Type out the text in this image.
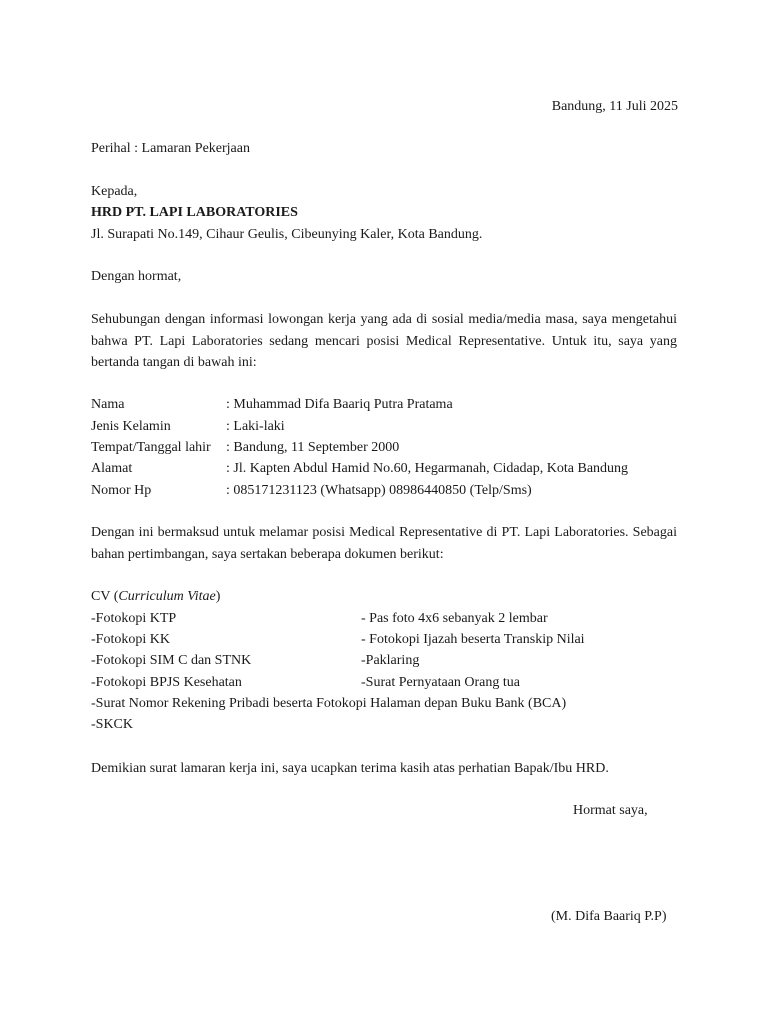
Bandung, 11 Juli 2025
Perihal : Lamaran Pekerjaan
Kepada,
HRD PT. LAPI LABORATORIES
Jl. Surapati No.149, Cihaur Geulis, Cibeunying Kaler, Kota Bandung.
Dengan hormat,
Sehubungan dengan informasi lowongan kerja yang ada di sosial media/media masa, saya mengetahui bahwa PT. Lapi Laboratories sedang mencari posisi Medical Representative. Untuk itu, saya yang bertanda tangan di bawah ini:
Nama	: Muhammad Difa Baariq Putra Pratama
Jenis Kelamin	: Laki-laki
Tempat/Tanggal lahir : Bandung, 11 September 2000
Alamat	: Jl. Kapten Abdul Hamid No.60, Hegarmanah, Cidadap, Kota Bandung
Nomor Hp	: 085171231123 (Whatsapp) 08986440850 (Telp/Sms)
Dengan ini bermaksud untuk melamar posisi Medical Representative di PT. Lapi Laboratories. Sebagai bahan pertimbangan, saya sertakan beberapa dokumen berikut:
CV (Curriculum Vitae)
-Fotokopi KTP	- Pas foto 4x6 sebanyak 2 lembar
-Fotokopi KK	- Fotokopi Ijazah beserta Transkip Nilai
-Fotokopi SIM C dan STNK	-Paklaring
-Fotokopi BPJS Kesehatan	-Surat Pernyataan Orang tua
-Surat Nomor Rekening Pribadi beserta Fotokopi Halaman depan Buku Bank (BCA)
-SKCK
Demikian surat lamaran kerja ini, saya ucapkan terima kasih atas perhatian Bapak/Ibu HRD.
Hormat saya,
(M. Difa Baariq P.P)
